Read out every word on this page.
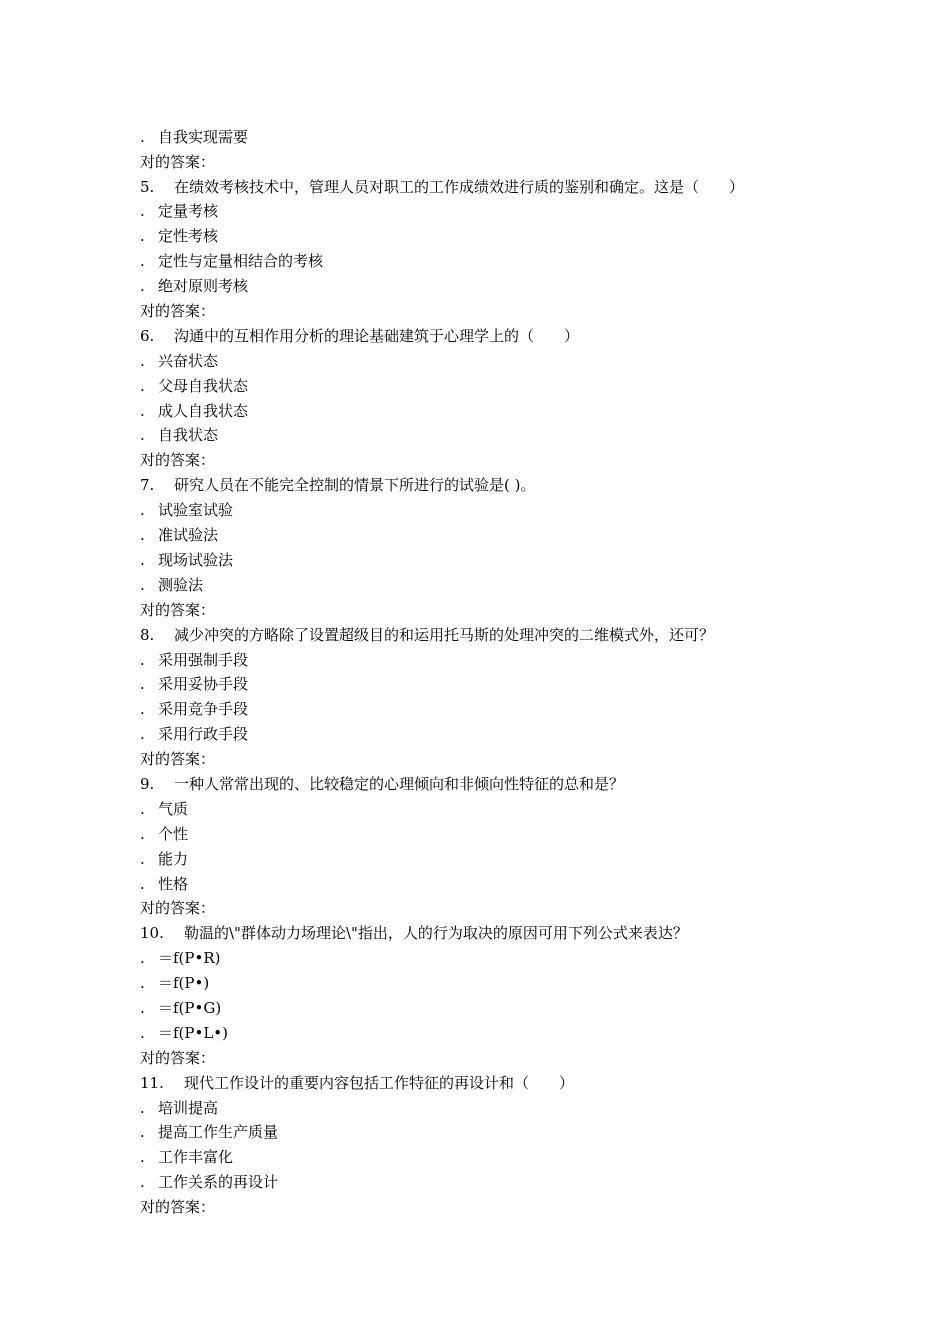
. 自我实现需要
对的答案：
5. 在绩效考核技术中，管理人员对职工的工作成绩效进行质的鉴别和确定。这是（　　）
. 定量考核
. 定性考核
. 定性与定量相结合的考核
. 绝对原则考核
对的答案：
6. 沟通中的互相作用分析的理论基础建筑于心理学上的（　　）
. 兴奋状态
. 父母自我状态
. 成人自我状态
. 自我状态
对的答案：
7. 研究人员在不能完全控制的情景下所进行的试验是( )。
. 试验室试验
. 准试验法
. 现场试验法
. 测验法
对的答案：
8. 减少冲突的方略除了设置超级目的和运用托马斯的处理冲突的二维模式外，还可？
. 采用强制手段
. 采用妥协手段
. 采用竞争手段
. 采用行政手段
对的答案：
9. 一种人常常出现的、比较稳定的心理倾向和非倾向性特征的总和是？
. 气质
. 个性
. 能力
. 性格
对的答案：
10. 勒温的\"群体动力场理论\"指出，人的行为取决的原因可用下列公式来表达？
. ＝f(P•R)
. ＝f(P•)
. ＝f(P•G)
. ＝f(P•L•)
对的答案：
11. 现代工作设计的重要内容包括工作特征的再设计和（　　）
. 培训提高
. 提高工作生产质量
. 工作丰富化
. 工作关系的再设计
对的答案：
